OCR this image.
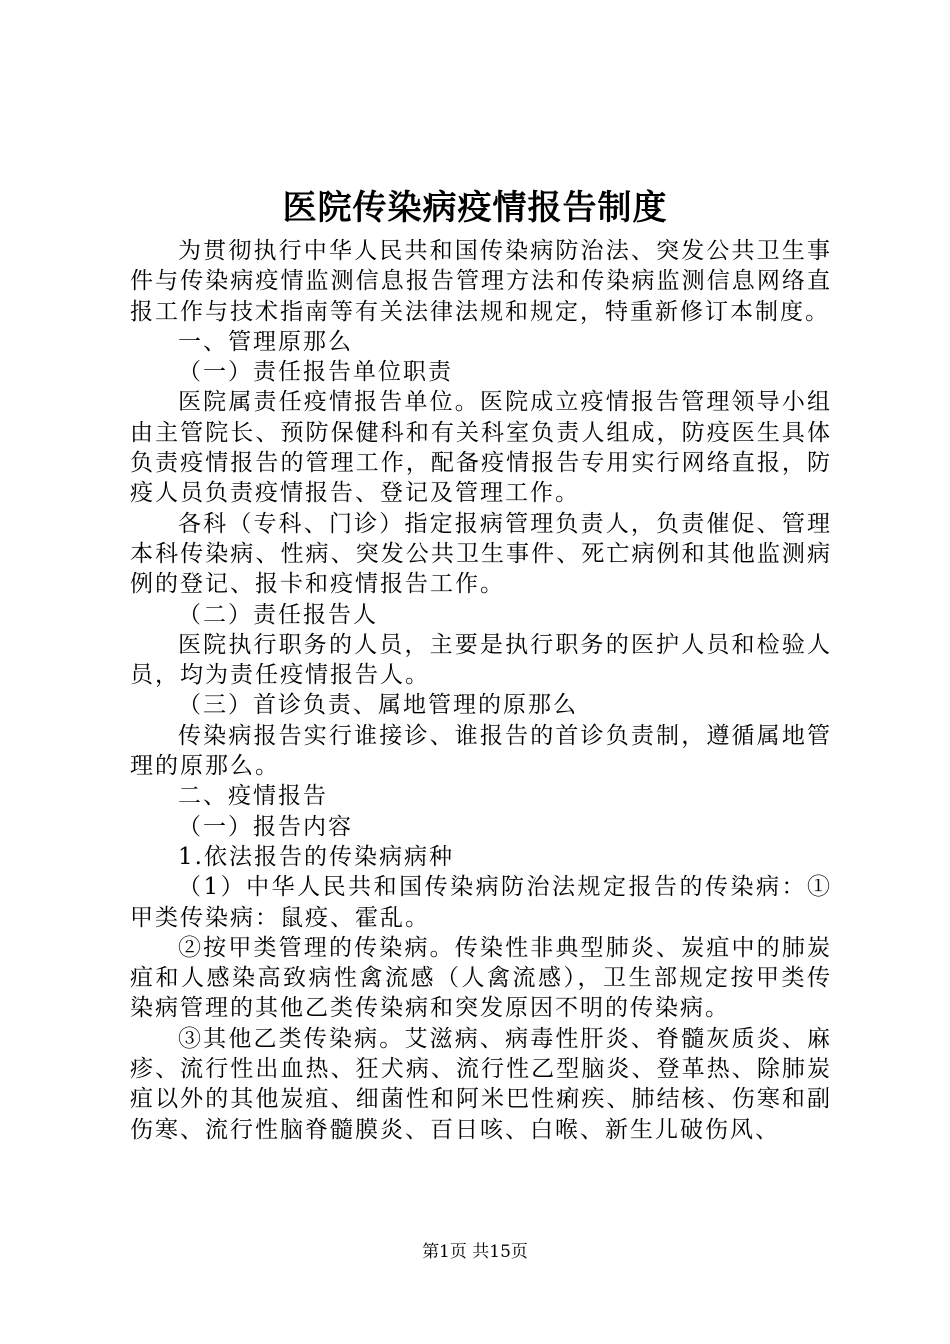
医院传染病疫情报告制度

为贯彻执行中华人民共和国传染病防治法、突发公共卫生事件与传染病疫情监测信息报告管理方法和传染病监测信息网络直报工作与技术指南等有关法律法规和规定，特重新修订本制度。

一、管理原那么

（一）责任报告单位职责

医院属责任疫情报告单位。医院成立疫情报告管理领导小组由主管院长、预防保健科和有关科室负责人组成，防疫医生具体负责疫情报告的管理工作，配备疫情报告专用实行网络直报，防疫人员负责疫情报告、登记及管理工作。

各科（专科、门诊）指定报病管理负责人，负责催促、管理本科传染病、性病、突发公共卫生事件、死亡病例和其他监测病例的登记、报卡和疫情报告工作。

（二）责任报告人

医院执行职务的人员，主要是执行职务的医护人员和检验人员，均为责任疫情报告人。

（三）首诊负责、属地管理的原那么

传染病报告实行谁接诊、谁报告的首诊负责制，遵循属地管理的原那么。

二、疫情报告

（一）报告内容

1.依法报告的传染病病种

（1）中华人民共和国传染病防治法规定报告的传染病：①甲类传染病：鼠疫、霍乱。

②按甲类管理的传染病。传染性非典型肺炎、炭疽中的肺炭疽和人感染高致病性禽流感（人禽流感），卫生部规定按甲类传染病管理的其他乙类传染病和突发原因不明的传染病。

③其他乙类传染病。艾滋病、病毒性肝炎、脊髓灰质炎、麻疹、流行性出血热、狂犬病、流行性乙型脑炎、登革热、除肺炭疽以外的其他炭疽、细菌性和阿米巴性痢疾、肺结核、伤寒和副伤寒、流行性脑脊髓膜炎、百日咳、白喉、新生儿破伤风、

第1页 共15页
